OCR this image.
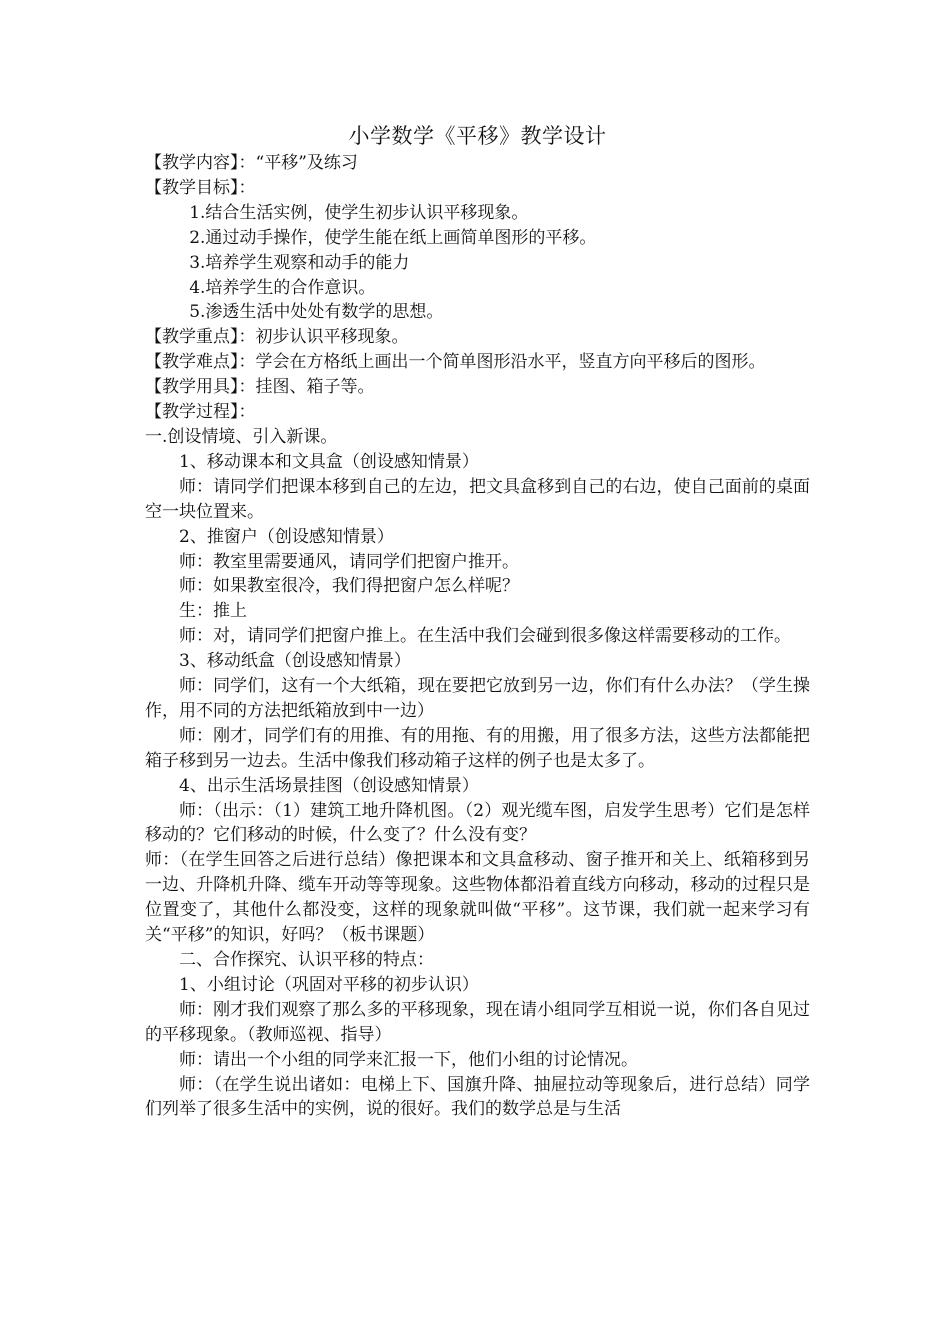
小学数学《平移》教学设计

【教学内容】：“平移”及练习

【教学目标】：

1.结合生活实例，使学生初步认识平移现象。

2.通过动手操作，使学生能在纸上画简单图形的平移。

3.培养学生观察和动手的能力

4.培养学生的合作意识。

5.渗透生活中处处有数学的思想。

【教学重点】：初步认识平移现象。

【教学难点】：学会在方格纸上画出一个简单图形沿水平，竖直方向平移后的图形。

【教学用具】：挂图、箱子等。

【教学过程】：

一.创设情境、引入新课。

1、移动课本和文具盒（创设感知情景）

师：请同学们把课本移到自己的左边，把文具盒移到自己的右边，使自己面前的桌面空一块位置来。

2、推窗户（创设感知情景）

师：教室里需要通风，请同学们把窗户推开。

师：如果教室很冷，我们得把窗户怎么样呢？

生：推上

师：对，请同学们把窗户推上。在生活中我们会碰到很多像这样需要移动的工作。

3、移动纸盒（创设感知情景）

师：同学们，这有一个大纸箱，现在要把它放到另一边，你们有什么办法？（学生操作，用不同的方法把纸箱放到中一边）

师：刚才，同学们有的用推、有的用拖、有的用搬，用了很多方法，这些方法都能把箱子移到另一边去。生活中像我们移动箱子这样的例子也是太多了。

4、出示生活场景挂图（创设感知情景）

师：（出示：（1）建筑工地升降机图。（2）观光缆车图，启发学生思考）它们是怎样移动的？它们移动的时候，什么变了？什么没有变？

师：（在学生回答之后进行总结）像把课本和文具盒移动、窗子推开和关上、纸箱移到另一边、升降机升降、缆车开动等等现象。这些物体都沿着直线方向移动，移动的过程只是位置变了，其他什么都没变，这样的现象就叫做“平移”。这节课，我们就一起来学习有关“平移”的知识，好吗？（板书课题）

二、合作探究、认识平移的特点：

1、小组讨论（巩固对平移的初步认识）

师：刚才我们观察了那么多的平移现象，现在请小组同学互相说一说，你们各自见过的平移现象。（教师巡视、指导）

师：请出一个小组的同学来汇报一下，他们小组的讨论情况。

师：（在学生说出诸如：电梯上下、国旗升降、抽屉拉动等现象后，进行总结）同学们列举了很多生活中的实例，说的很好。我们的数学总是与生活
